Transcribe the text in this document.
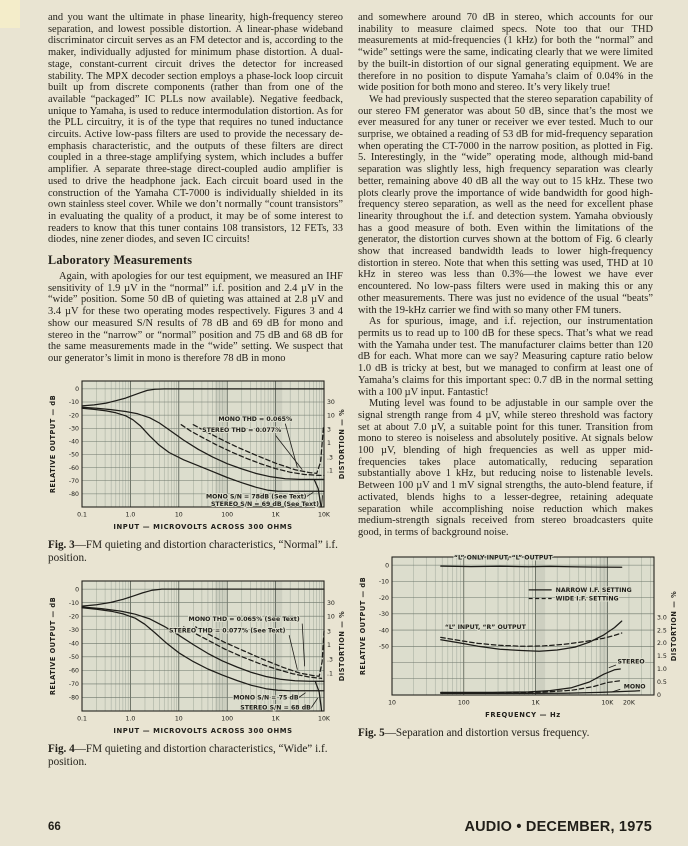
and you want the ultimate in phase linearity, high-frequency stereo separation, and lowest possible distortion. A linear-phase wideband discriminator circuit serves as an FM detector and is, according to the maker, individually adjusted for minimum phase distortion. A dual-stage, constant-current circuit drives the detector for increased stability. The MPX decoder section employs a phase-lock loop circuit built up from discrete components (rather than from one of the available “packaged” IC PLLs now available). Negative feedback, unique to Yamaha, is used to reduce intermodulation distortion. As for the PLL circuitry, it is of the type that requires no tuned inductance circuits. Active low-pass filters are used to provide the necessary de-emphasis characteristic, and the outputs of these filters are direct coupled in a three-stage amplifying system, which includes a buffer amplifier. A separate three-stage direct-coupled audio amplifier is used to drive the headphone jack. Each circuit board used in the construction of the Yamaha CT-7000 is individually shielded in its own stainless steel cover. While we don’t normally “count transistors” in evaluating the quality of a product, it may be of some interest to readers to know that this tuner contains 108 transistors, 12 FETs, 33 diodes, nine zener diodes, and seven IC circuits!

Laboratory Measurements

Again, with apologies for our test equipment, we measured an IHF sensitivity of 1.9 µV in the “normal” i.f. position and 2.4 µV in the “wide” position. Some 50 dB of quieting was attained at 2.8 µV and 3.4 µV for these two operating modes respectively. Figures 3 and 4 show our measured S/N results of 78 dB and 69 dB for mono and stereo in the “narrow” or “normal” position and 75 dB and 68 dB for the same measurements made in the “wide” setting. We suspect that our generator’s limit in mono is therefore 78 dB in mono

0
-10
-20
-30
-40
-50
-60
-70
-80
30
10
3
1
.3
.1
0.1	1.0	10	100	1K	10K
INPUT — MICROVOLTS ACROSS 300 OHMS
RELATIVE OUTPUT — dB	DISTORTION — %
MONO THD = 0.065%
STEREO THD = 0.077%
MONO S/N = 78dB (See Text)
STEREO S/N = 69 dB (See Text)
Fig. 3—FM quieting and distortion characteristics, “Normal” i.f. position.
0
-10
-20
-30
-40
-50
-60
-70
-80
30
10
3
1
.3
.1
0.1	1.0	10	100	1K	10K
INPUT — MICROVOLTS ACROSS 300 OHMS
RELATIVE OUTPUT — dB	DISTORTION — %
MONO THD = 0.065% (See Text)
STEREO THD = 0.077% (See Text)
MONO S/N = 75 dB
STEREO S/N = 68 dB
Fig. 4—FM quieting and distortion characteristics, “Wide” i.f. position.

and somewhere around 70 dB in stereo, which accounts for our inability to measure claimed specs. Note too that our THD measurements at mid-frequencies (1 kHz) for both the “normal” and “wide” settings were the same, indicating clearly that we were limited by the built-in distortion of our signal generating equipment. We are therefore in no position to dispute Yamaha’s claim of 0.04% in the wide position for both mono and stereo. It’s very likely true!

We had previously suspected that the stereo separation capability of our stereo FM generator was about 50 dB, since that’s the most we ever measured for any tuner or receiver we ever tested. Much to our surprise, we obtained a reading of 53 dB for mid-frequency separation when operating the CT-7000 in the narrow position, as plotted in Fig. 5. Interestingly, in the “wide” operating mode, although mid-band separation was slightly less, high frequency separation was clearly better, remaining above 40 dB all the way out to 15 kHz. These two plots clearly prove the importance of wide bandwidth for good high-frequency stereo separation, as well as the need for excellent phase linearity throughout the i.f. and detection system. Yamaha obviously has a good measure of both. Even within the limitations of the generator, the distortion curves shown at the bottom of Fig. 6 clearly show that increased bandwidth leads to lower high-frequency distortion in stereo. Note that when this setting was used, THD at 10 kHz in stereo was less than 0.3%—the lowest we have ever encountered. No low-pass filters were used in making this or any other measurements. There was just no evidence of the usual “beats” with the 19-kHz carrier we find with so many other FM tuners.

As for spurious, image, and i.f. rejection, our instrumentation permits us to read up to 100 dB for these specs. That’s what we read with the Yamaha under test. The manufacturer claims better than 120 dB for each. What more can we say? Measuring capture ratio below 1.0 dB is tricky at best, but we managed to confirm at least one of Yamaha’s claims for this important spec: 0.7 dB in the normal setting with a 100 µV input. Fantastic!

Muting level was found to be adjustable in our sample over the signal strength range from 4 µV, while stereo threshold was factory set at about 7.0 µV, a suitable point for this tuner. Transition from mono to stereo is noiseless and absolutely positive. At signals below 100 µV, blending of high frequencies as well as upper mid-frequencies takes place automatically, reducing separation substantially above 1 kHz, but reducing noise to listenable levels. Between 100 µV and 1 mV signal strengths, the auto-blend feature, if activated, blends highs to a lesser-degree, retaining adequate separation while accomplishing noise reduction which makes medium-strength signals received from stereo broadcasters quite good, in terms of background noise.

0
-10
-20
-30
-40
-50
3.0
2.5
2.0
1.5
1.0
0.5
0
10	100	1K	10K 20K
FREQUENCY — Hz
RELATIVE OUTPUT — dB	DISTORTION — %
“L” ONLY INPUT, “L” OUTPUT
NARROW I.F. SETTING
WIDE I.F. SETTING
“L” INPUT, “R” OUTPUT
STEREO
MONO
Fig. 5—Separation and distortion versus frequency.
66	AUDIO • DECEMBER, 1975
